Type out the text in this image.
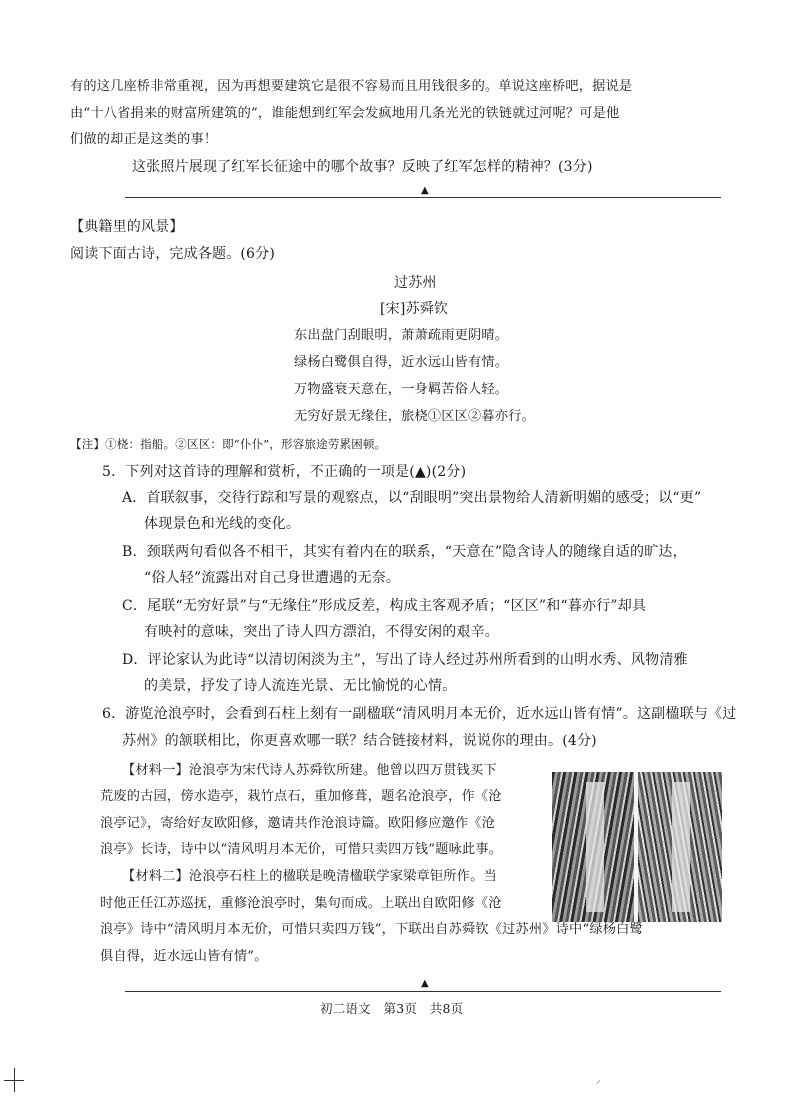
有的这几座桥非常重视，因为再想要建筑它是很不容易而且用钱很多的。单说这座桥吧，据说是
由“十八省捐来的财富所建筑的”，谁能想到红军会发疯地用几条光光的铁链就过河呢？可是他
们做的却正是这类的事！
这张照片展现了红军长征途中的哪个故事？反映了红军怎样的精神？(3分)
▲
【典籍里的风景】
阅读下面古诗，完成各题。(6分)
过苏州
[宋]苏舜钦
东出盘门刮眼明，萧萧疏雨更阴晴。
绿杨白鹭俱自得，近水远山皆有情。
万物盛衰天意在，一身羁苦俗人轻。
无穷好景无缘住，旅桡①区区②暮亦行。
【注】①桡：指船。②区区：即“仆仆”，形容旅途劳累困顿。
5．下列对这首诗的理解和赏析，不正确的一项是(▲)(2分)
A．首联叙事，交待行踪和写景的观察点，以“刮眼明”突出景物给人清新明媚的感受；以“更”
体现景色和光线的变化。
B．颈联两句看似各不相干，其实有着内在的联系，“天意在”隐含诗人的随缘自适的旷达，
“俗人轻”流露出对自己身世遭遇的无奈。
C．尾联“无穷好景”与“无缘住”形成反差，构成主客观矛盾；“区区”和“暮亦行”却具
有映衬的意味，突出了诗人四方漂泊，不得安闲的艰辛。
D．评论家认为此诗“以清切闲淡为主”，写出了诗人经过苏州所看到的山明水秀、风物清雅
的美景，抒发了诗人流连光景、无比愉悦的心情。
6．游览沧浪亭时，会看到石柱上刻有一副楹联“清风明月本无价，近水远山皆有情”。这副楹联与《过
苏州》的颔联相比，你更喜欢哪一联？结合链接材料，说说你的理由。(4分)
【材料一】沧浪亭为宋代诗人苏舜钦所建。他曾以四万贯钱买下
荒废的古园，傍水造亭，栽竹点石，重加修葺，题名沧浪亭，作《沧
浪亭记》，寄给好友欧阳修，邀请共作沧浪诗篇。欧阳修应邀作《沧
浪亭》长诗，诗中以“清风明月本无价，可惜只卖四万钱”题咏此事。
【材料二】沧浪亭石柱上的楹联是晚清楹联学家梁章钜所作。当
时他正任江苏巡抚，重修沧浪亭时，集句而成。上联出自欧阳修《沧
浪亭》诗中“清风明月本无价，可惜只卖四万钱”，下联出自苏舜钦《过苏州》诗中“绿杨白鹭
俱自得，近水远山皆有情”。
▲
初二语文　第3页　共8页
⸝
